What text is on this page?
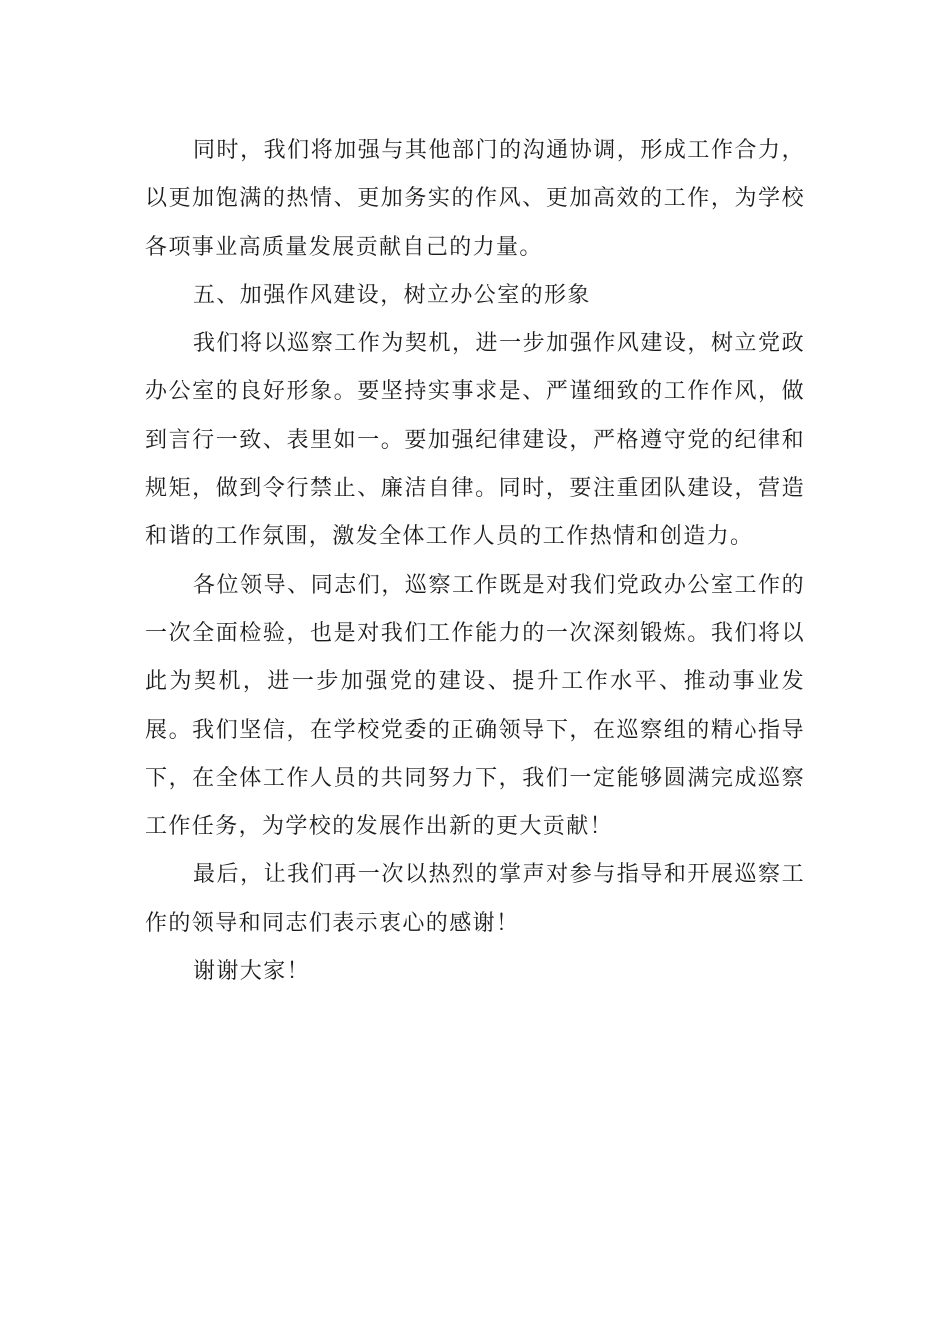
同时，我们将加强与其他部门的沟通协调，形成工作合力，以更加饱满的热情、更加务实的作风、更加高效的工作，为学校各项事业高质量发展贡献自己的力量。

五、加强作风建设，树立办公室的形象

我们将以巡察工作为契机，进一步加强作风建设，树立党政办公室的良好形象。要坚持实事求是、严谨细致的工作作风，做到言行一致、表里如一。要加强纪律建设，严格遵守党的纪律和规矩，做到令行禁止、廉洁自律。同时，要注重团队建设，营造和谐的工作氛围，激发全体工作人员的工作热情和创造力。

各位领导、同志们，巡察工作既是对我们党政办公室工作的一次全面检验，也是对我们工作能力的一次深刻锻炼。我们将以此为契机，进一步加强党的建设、提升工作水平、推动事业发展。我们坚信，在学校党委的正确领导下，在巡察组的精心指导下，在全体工作人员的共同努力下，我们一定能够圆满完成巡察工作任务，为学校的发展作出新的更大贡献！

最后，让我们再一次以热烈的掌声对参与指导和开展巡察工作的领导和同志们表示衷心的感谢！

谢谢大家！
